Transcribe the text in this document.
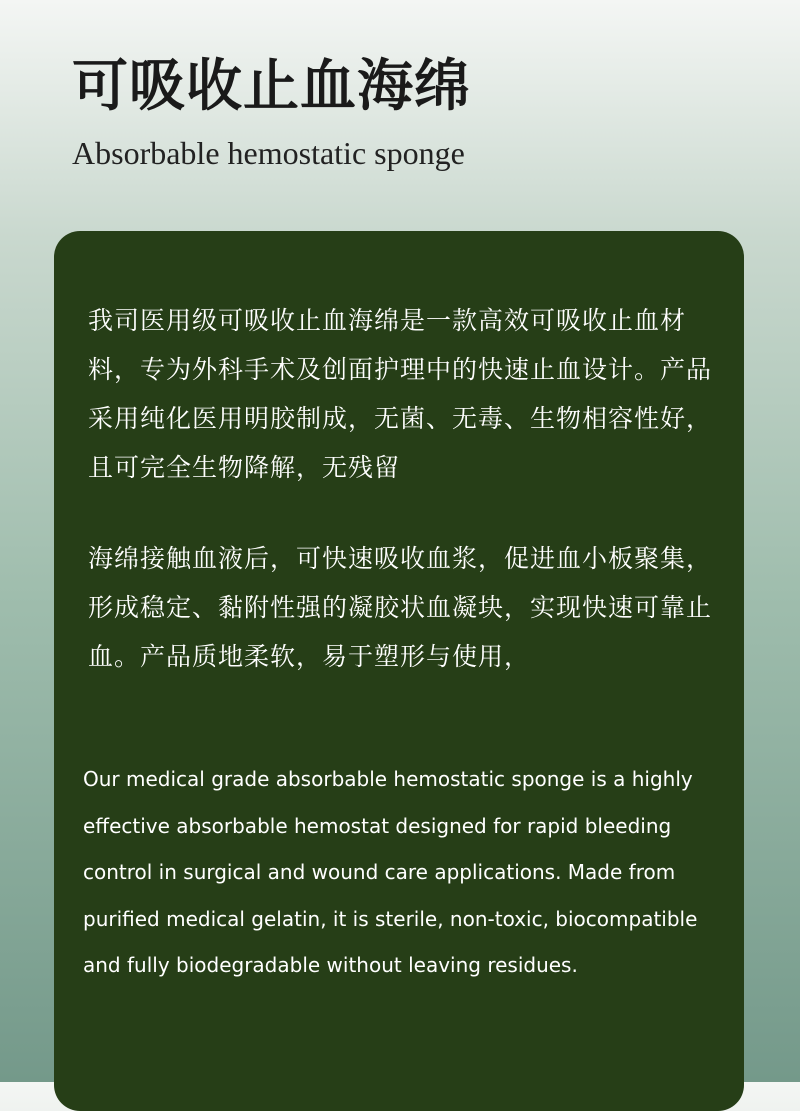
可吸收止血海绵
Absorbable hemostatic sponge

我司医用级可吸收止血海绵是一款高效可吸收止血材料，专为外科手术及创面护理中的快速止血设计。产品采用纯化医用明胶制成，无菌、无毒、生物相容性好，且可完全生物降解，无残留

海绵接触血液后，可快速吸收血浆，促进血小板聚集，形成稳定、黏附性强的凝胶状血凝块，实现快速可靠止血。产品质地柔软，易于塑形与使用，

Our medical grade absorbable hemostatic sponge is a highly effective absorbable hemostat designed for rapid bleeding control in surgical and wound care applications. Made from purified medical gelatin, it is sterile, non-toxic, biocompatible and fully biodegradable without leaving residues.
